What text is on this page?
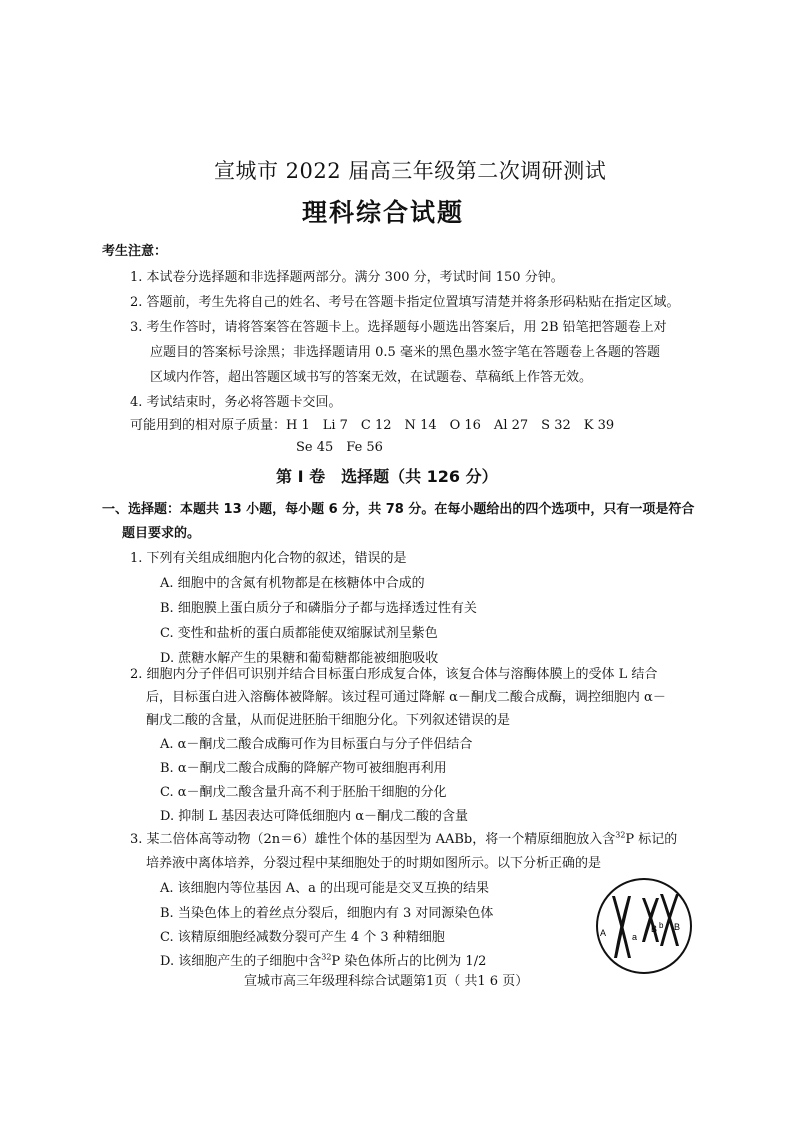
宣城市 2022 届高三年级第二次调研测试
理科综合试题
考生注意：
1. 本试卷分选择题和非选择题两部分。满分 300 分，考试时间 150 分钟。
2. 答题前，考生先将自己的姓名、考号在答题卡指定位置填写清楚并将条形码粘贴在指定区域。
3. 考生作答时，请将答案答在答题卡上。选择题每小题选出答案后，用 2B 铅笔把答题卷上对
应题目的答案标号涂黑；非选择题请用 0.5 毫米的黑色墨水签字笔在答题卷上各题的答题
区域内作答，超出答题区域书写的答案无效，在试题卷、草稿纸上作答无效。
4. 考试结束时，务必将答题卡交回。
可能用到的相对原子质量：H 1　Li 7　C 12　N 14　O 16　Al 27　S 32　K 39
Se 45　Fe 56
第 Ⅰ 卷　选择题（共 126 分）
一、选择题：本题共 13 小题，每小题 6 分，共 78 分。在每小题给出的四个选项中，只有一项是符合
题目要求的。
1. 下列有关组成细胞内化合物的叙述，错误的是
A. 细胞中的含氮有机物都是在核糖体中合成的
B. 细胞膜上蛋白质分子和磷脂分子都与选择透过性有关
C. 变性和盐析的蛋白质都能使双缩脲试剂呈紫色
D. 蔗糖水解产生的果糖和葡萄糖都能被细胞吸收
2. 细胞内分子伴侣可识别并结合目标蛋白形成复合体，该复合体与溶酶体膜上的受体 L 结合
后，目标蛋白进入溶酶体被降解。该过程可通过降解 α－酮戊二酸合成酶，调控细胞内 α－
酮戊二酸的含量，从而促进胚胎干细胞分化。下列叙述错误的是
A. α－酮戊二酸合成酶可作为目标蛋白与分子伴侣结合
B. α－酮戊二酸合成酶的降解产物可被细胞再利用
C. α－酮戊二酸含量升高不利于胚胎干细胞的分化
D. 抑制 L 基因表达可降低细胞内 α－酮戊二酸的含量
3. 某二倍体高等动物（2n＝6）雄性个体的基因型为 AABb，将一个精原细胞放入含$^{32}$P 标记的
培养液中离体培养，分裂过程中某细胞处于的时期如图所示。以下分析正确的是
A. 该细胞内等位基因 A、a 的出现可能是交叉互换的结果
B. 当染色体上的着丝点分裂后，细胞内有 3 对同源染色体
C. 该精原细胞经减数分裂可产生 4 个 3 种精细胞
D. 该细胞产生的子细胞中含$^{32}$P 染色体所占的比例为 1/2
A	a
B b B
宣城市高三年级理科综合试题第1页（ 共1 6 页）
